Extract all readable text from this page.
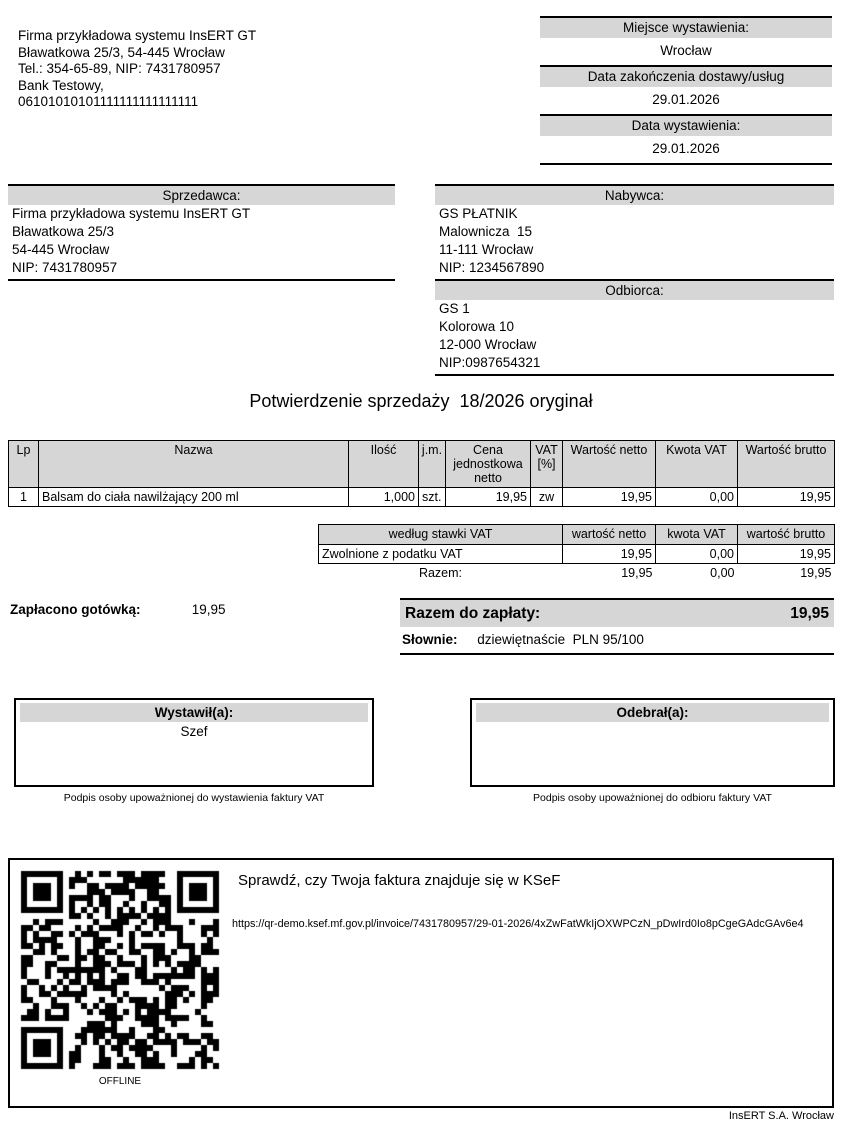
Firma przykładowa systemu InsERT GT
Bławatkowa 25/3, 54-445 Wrocław
Tel.: 354-65-89, NIP: 7431780957
Bank Testowy,
06101010101111111111111111
Miejsce wystawienia:
Wrocław
Data zakończenia dostawy/usług
29.01.2026
Data wystawienia:
29.01.2026
Sprzedawca:
Firma przykładowa systemu InsERT GT
Bławatkowa 25/3
54-445 Wrocław
NIP: 7431780957
Nabywca:
GS PŁATNIK
Malownicza  15
11-111 Wrocław
NIP: 1234567890
Odbiorca:
GS 1
Kolorowa 10
12-000 Wrocław
NIP:0987654321
Potwierdzenie sprzedaży  18/2026 oryginał
Lp	Nazwa	Ilość	j.m.	Cena jednostkowa netto	VAT [%]	Wartość netto	Kwota VAT	Wartość brutto
1	Balsam do ciała nawilżający 200 ml	1,000	szt.	19,95	zw	19,95	0,00	19,95
według stawki VAT	wartość netto	kwota VAT	wartość brutto
Zwolnione z podatku VAT	19,95	0,00	19,95
Razem:	19,95	0,00	19,95
Zapłacono gotówką:	19,95	Razem do zapłaty:	19,95
Słownie: dziewiętnaście  PLN 95/100
Wystawił(a):
Szef
Podpis osoby upoważnionej do wystawienia faktury VAT
Odebrał(a):
Podpis osoby upoważnionej do odbioru faktury VAT
OFFLINE
Sprawdź, czy Twoja faktura znajduje się w KSeF
https://qr-demo.ksef.mf.gov.pl/invoice/7431780957/29-01-2026/4xZwFatWkIjOXWPCzN_pDwIrd0Io8pCgeGAdcGAv6e4
InsERT S.A. Wrocław
